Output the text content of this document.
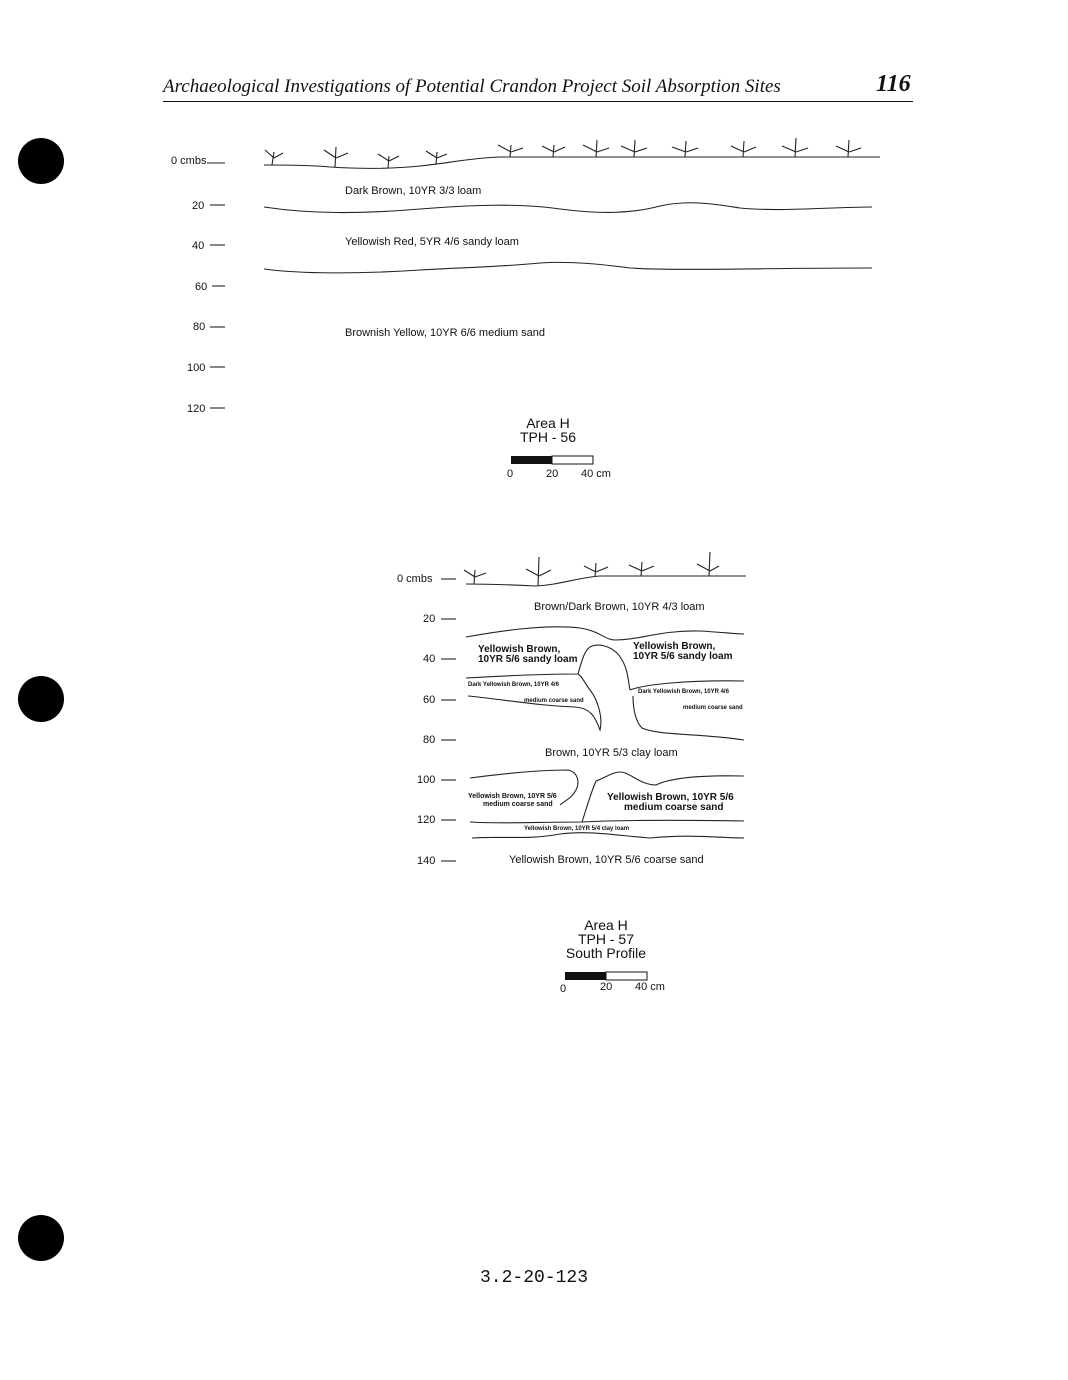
Archaeological Investigations of Potential Crandon Project Soil Absorption Sites	116
0 cmbs
20
40
60
80
100
120
Dark Brown, 10YR 3/3 loam
Yellowish Red, 5YR 4/6 sandy loam
Brownish Yellow, 10YR 6/6 medium sand
Area H
TPH - 56
0	20 40 cm
0 cmbs
20
40
60
80
100
120
140
Brown/Dark Brown, 10YR 4/3 loam
Yellowish Brown,
10YR 5/6 sandy loam
Yellowish Brown,
10YR 5/6 sandy loam
Dark Yellowish Brown, 10YR 4/6
medium coarse sand
Dark Yellowish Brown, 10YR 4/6
medium coarse sand
Brown, 10YR 5/3 clay loam
Yellowish Brown, 10YR 5/6
medium coarse sand
Yellowish Brown, 10YR 5/6
medium coarse sand
Yellowish Brown, 10YR 5/4 clay loam
Yellowish Brown, 10YR 5/6 coarse sand
Area H
TPH - 57
South Profile
0	20 40 cm
3.2-20-123
